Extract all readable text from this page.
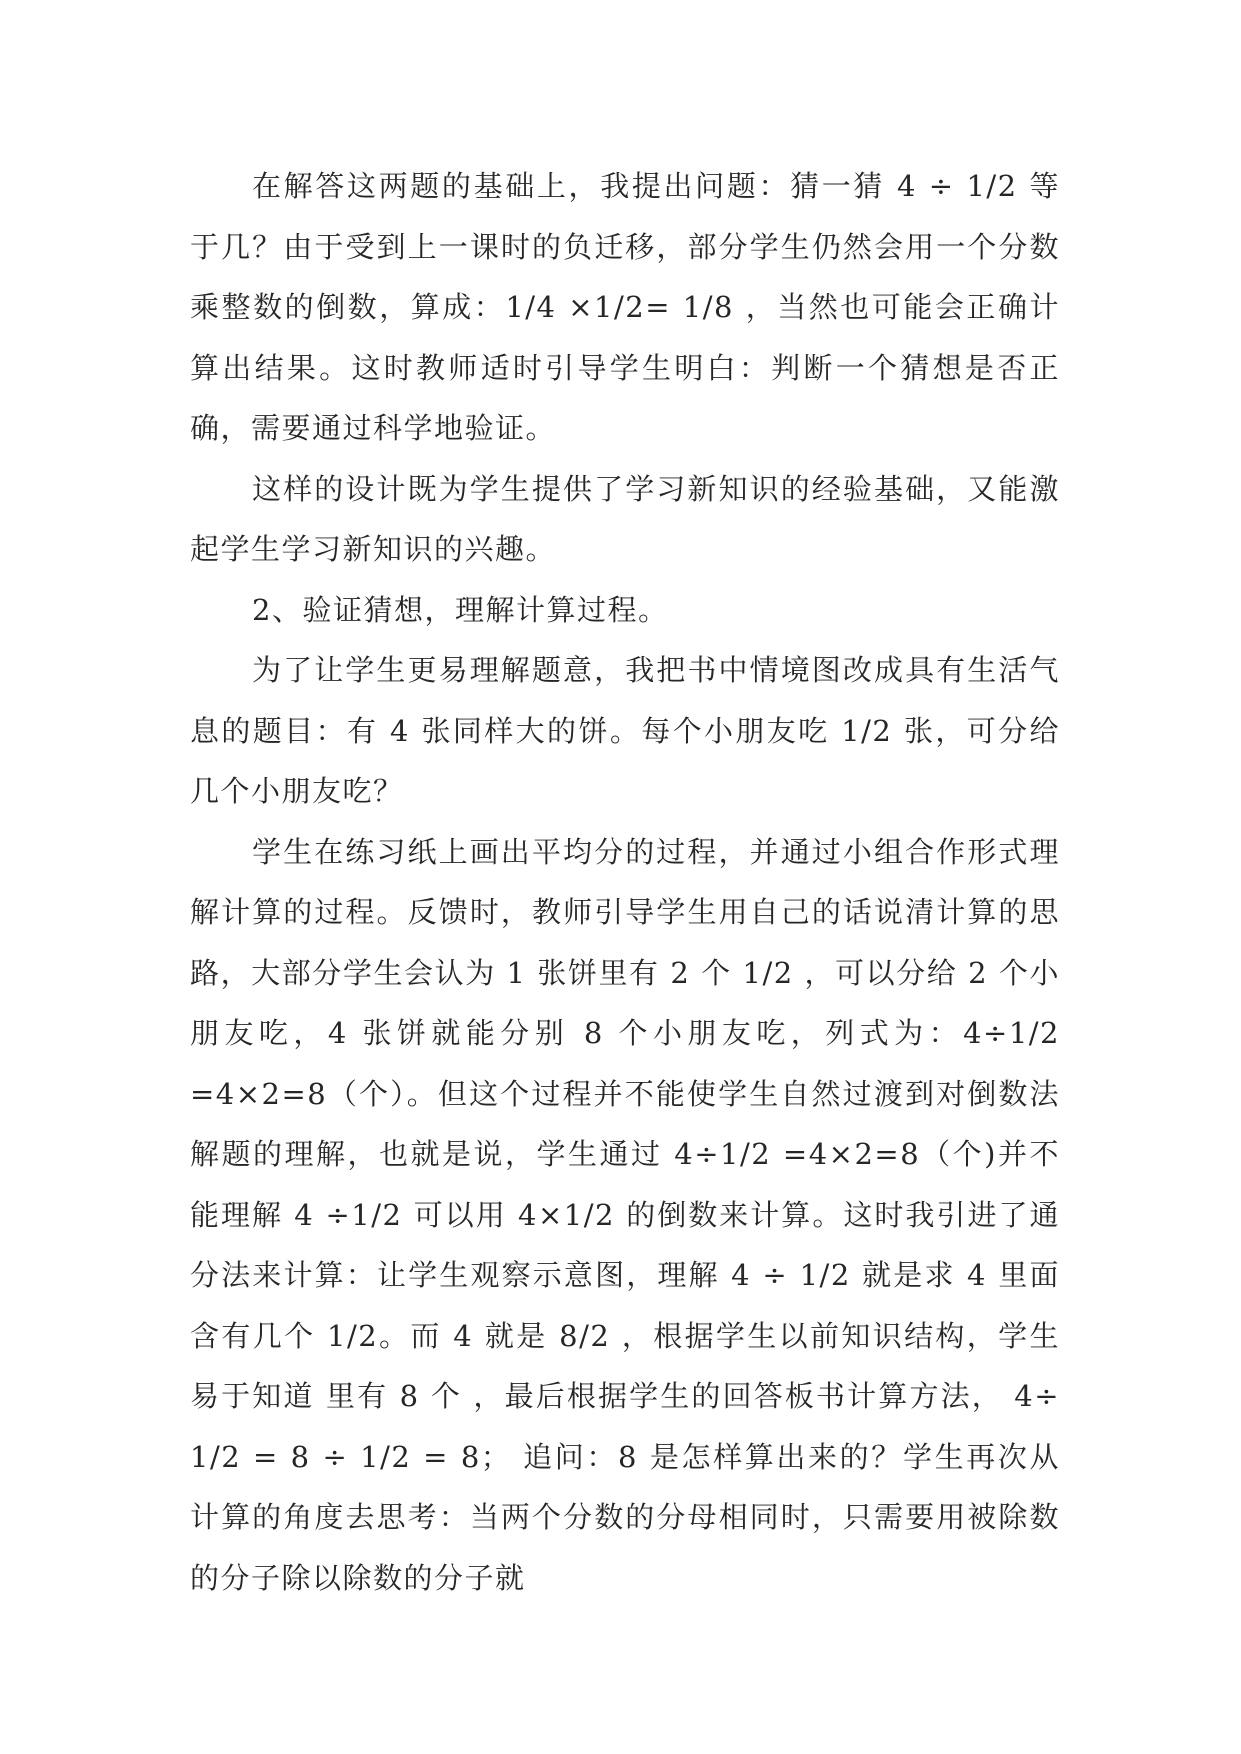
在解答这两题的基础上，我提出问题：猜一猜 4 ÷ 1/2 等于几？由于受到上一课时的负迁移，部分学生仍然会用一个分数乘整数的倒数，算成：1/4 ×1/2= 1/8 ，当然也可能会正确计算出结果。这时教师适时引导学生明白：判断一个猜想是否正确，需要通过科学地验证。

这样的设计既为学生提供了学习新知识的经验基础，又能激起学生学习新知识的兴趣。

2、验证猜想，理解计算过程。

为了让学生更易理解题意，我把书中情境图改成具有生活气息的题目：有 4 张同样大的饼。每个小朋友吃 1/2 张，可分给几个小朋友吃？

学生在练习纸上画出平均分的过程，并通过小组合作形式理解计算的过程。反馈时，教师引导学生用自己的话说清计算的思路，大部分学生会认为 1 张饼里有 2 个 1/2 ，可以分给 2 个小朋友吃，4 张饼就能分别 8 个小朋友吃，列式为：4÷1/2 =4×2=8（个）。但这个过程并不能使学生自然过渡到对倒数法解题的理解，也就是说，学生通过 4÷1/2 =4×2=8（个)并不能理解 4 ÷1/2 可以用 4×1/2 的倒数来计算。这时我引进了通分法来计算：让学生观察示意图，理解 4 ÷ 1/2 就是求 4 里面含有几个 1/2。而 4 就是 8/2 ，根据学生以前知识结构，学生易于知道 里有 8 个 ，最后根据学生的回答板书计算方法， 4÷ 1/2 = 8 ÷ 1/2 = 8； 追问：8 是怎样算出来的？学生再次从计算的角度去思考：当两个分数的分母相同时，只需要用被除数的分子除以除数的分子就
